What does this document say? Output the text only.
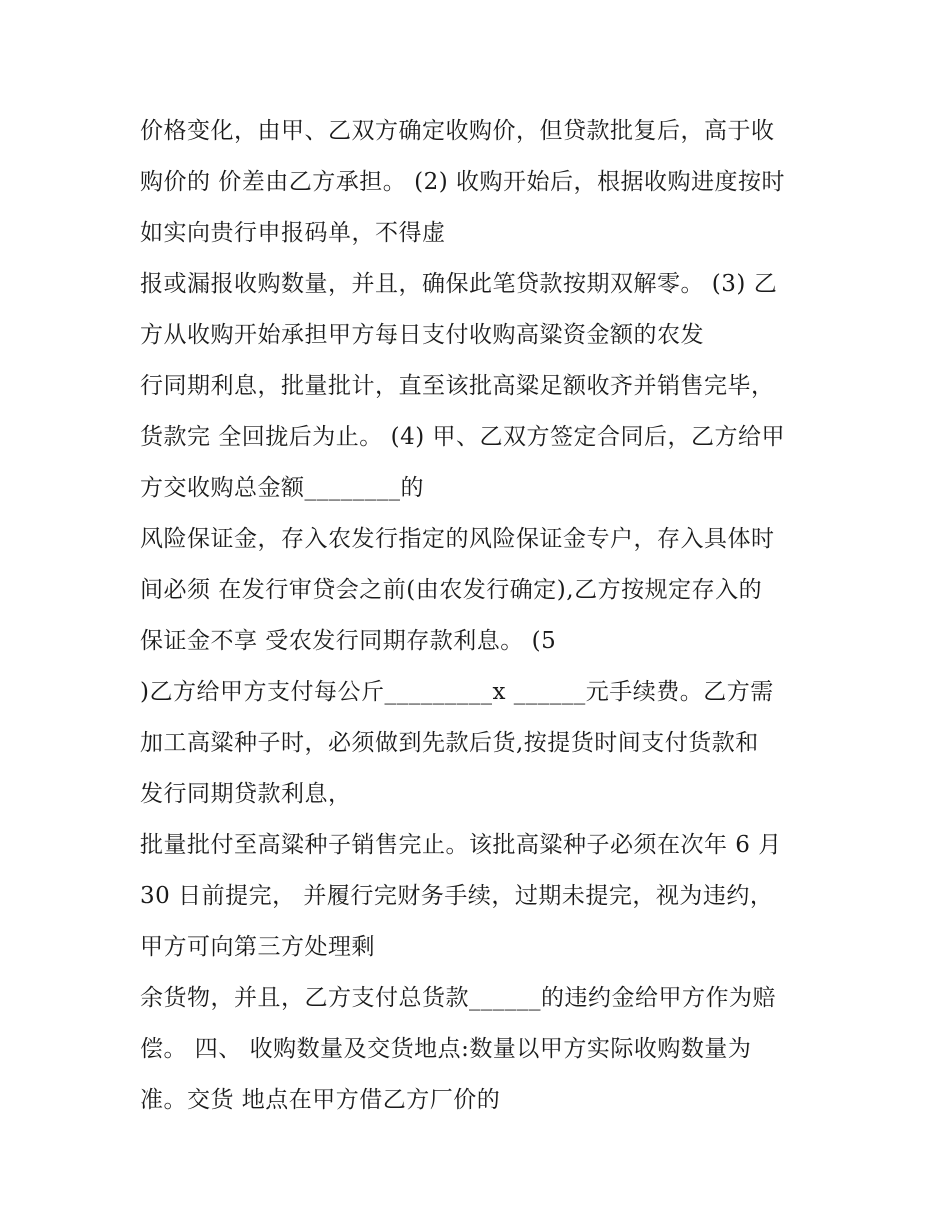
价格变化，由甲、乙双方确定收购价，但贷款批复后，高于收
购价的 价差由乙方承担。 (2) 收购开始后，根据收购进度按时
如实向贵行申报码单，不得虚
报或漏报收购数量，并且，确保此笔贷款按期双解零。 (3) 乙
方从收购开始承担甲方每日支付收购高粱资金额的农发
行同期利息，批量批计，直至该批高粱足额收齐并销售完毕，
货款完 全回拢后为止。 (4) 甲、乙双方签定合同后，乙方给甲
方交收购总金额________的
风险保证金，存入农发行指定的风险保证金专户，存入具体时
间必须 在发行审贷会之前(由农发行确定),乙方按规定存入的
保证金不享 受农发行同期存款利息。 (5
)乙方给甲方支付每公斤_________x ______元手续费。乙方需
加工高粱种子时，必须做到先款后货,按提货时间支付货款和
发行同期贷款利息，
批量批付至高粱种子销售完止。该批高粱种子必须在次年 6 月
30 日前提完， 并履行完财务手续，过期未提完，视为违约，
甲方可向第三方处理剩
余货物，并且，乙方支付总货款______的违约金给甲方作为赔
偿。 四、 收购数量及交货地点:数量以甲方实际收购数量为
准。交货 地点在甲方借乙方厂价的
